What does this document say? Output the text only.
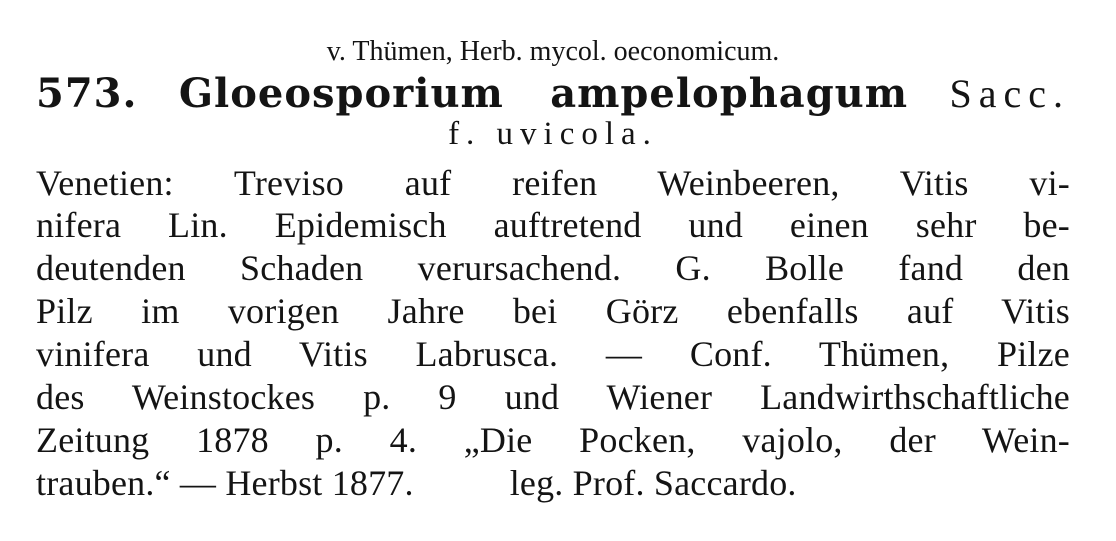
v. Thümen, Herb. mycol. oeconomicum.
573. Gloeosporium ampelophagum Sacc.
f. uvicola.
Venetien: Treviso auf reifen Weinbeeren, Vitis vi-
nifera Lin. Epidemisch auftretend und einen sehr be-
deutenden Schaden verursachend. G. Bolle fand den
Pilz im vorigen Jahre bei Görz ebenfalls auf Vitis
vinifera und Vitis Labrusca. — Conf. Thümen, Pilze
des Weinstockes p. 9 und Wiener Landwirthschaftliche
Zeitung 1878 p. 4. „Die Pocken, vajolo, der Wein-
trauben.“ — Herbst 1877.	leg. Prof. Saccardo.
